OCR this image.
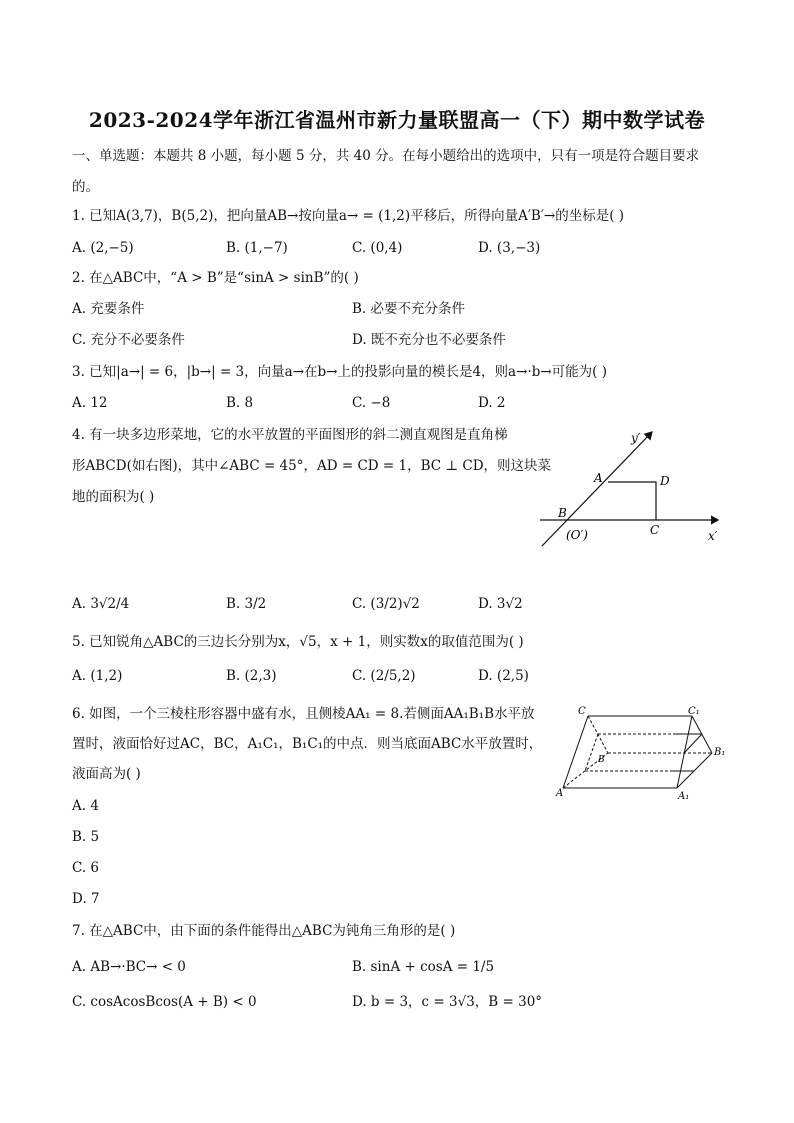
2023-2024学年浙江省温州市新力量联盟高一（下）期中数学试卷
一、单选题：本题共 8 小题，每小题 5 分，共 40 分。在每小题给出的选项中，只有一项是符合题目要求
的。
1. 已知A(3,7)，B(5,2)，把向量AB→按向量a→ = (1,2)平移后，所得向量A′B′→的坐标是( )
A. (2,−5)	B. (1,−7)	C. (0,4)	D. (3,−3)
2. 在△ABC中，“A > B”是“sinA > sinB”的( )
A. 充要条件	B. 必要不充分条件
C. 充分不必要条件	D. 既不充分也不必要条件
3. 已知|a→| = 6，|b→| = 3，向量a→在b→上的投影向量的模长是4，则a→·b→可能为( )
A. 12	B. 8	C. −8	D. 2
4. 有一块多边形菜地，它的水平放置的平面图形的斜二测直观图是直角梯
形ABCD(如右图)，其中∠ABC = 45°，AD = CD = 1，BC ⊥ CD，则这块菜
地的面积为( )
y′
A	D
B
(O′)	C	x′
A. 3√2/4	B. 3/2	C. (3/2)√2	D. 3√2
5. 已知锐角△ABC的三边长分别为x，√5，x + 1，则实数x的取值范围为( )
A. (1,2)	B. (2,3)	C. (2/5,2)	D. (2,5)
6. 如图，一个三棱柱形容器中盛有水，且侧棱AA₁ = 8.若侧面AA₁B₁B水平放
置时，液面恰好过AC，BC，A₁C₁，B₁C₁的中点．则当底面ABC水平放置时，
液面高为( )
C	C₁
B
B₁
A	A₁
A. 4
B. 5
C. 6
D. 7
7. 在△ABC中，由下面的条件能得出△ABC为钝角三角形的是( )
A. AB→·BC→ < 0	B. sinA + cosA = 1/5
C. cosAcosBcos(A + B) < 0	D. b = 3，c = 3√3，B = 30°
